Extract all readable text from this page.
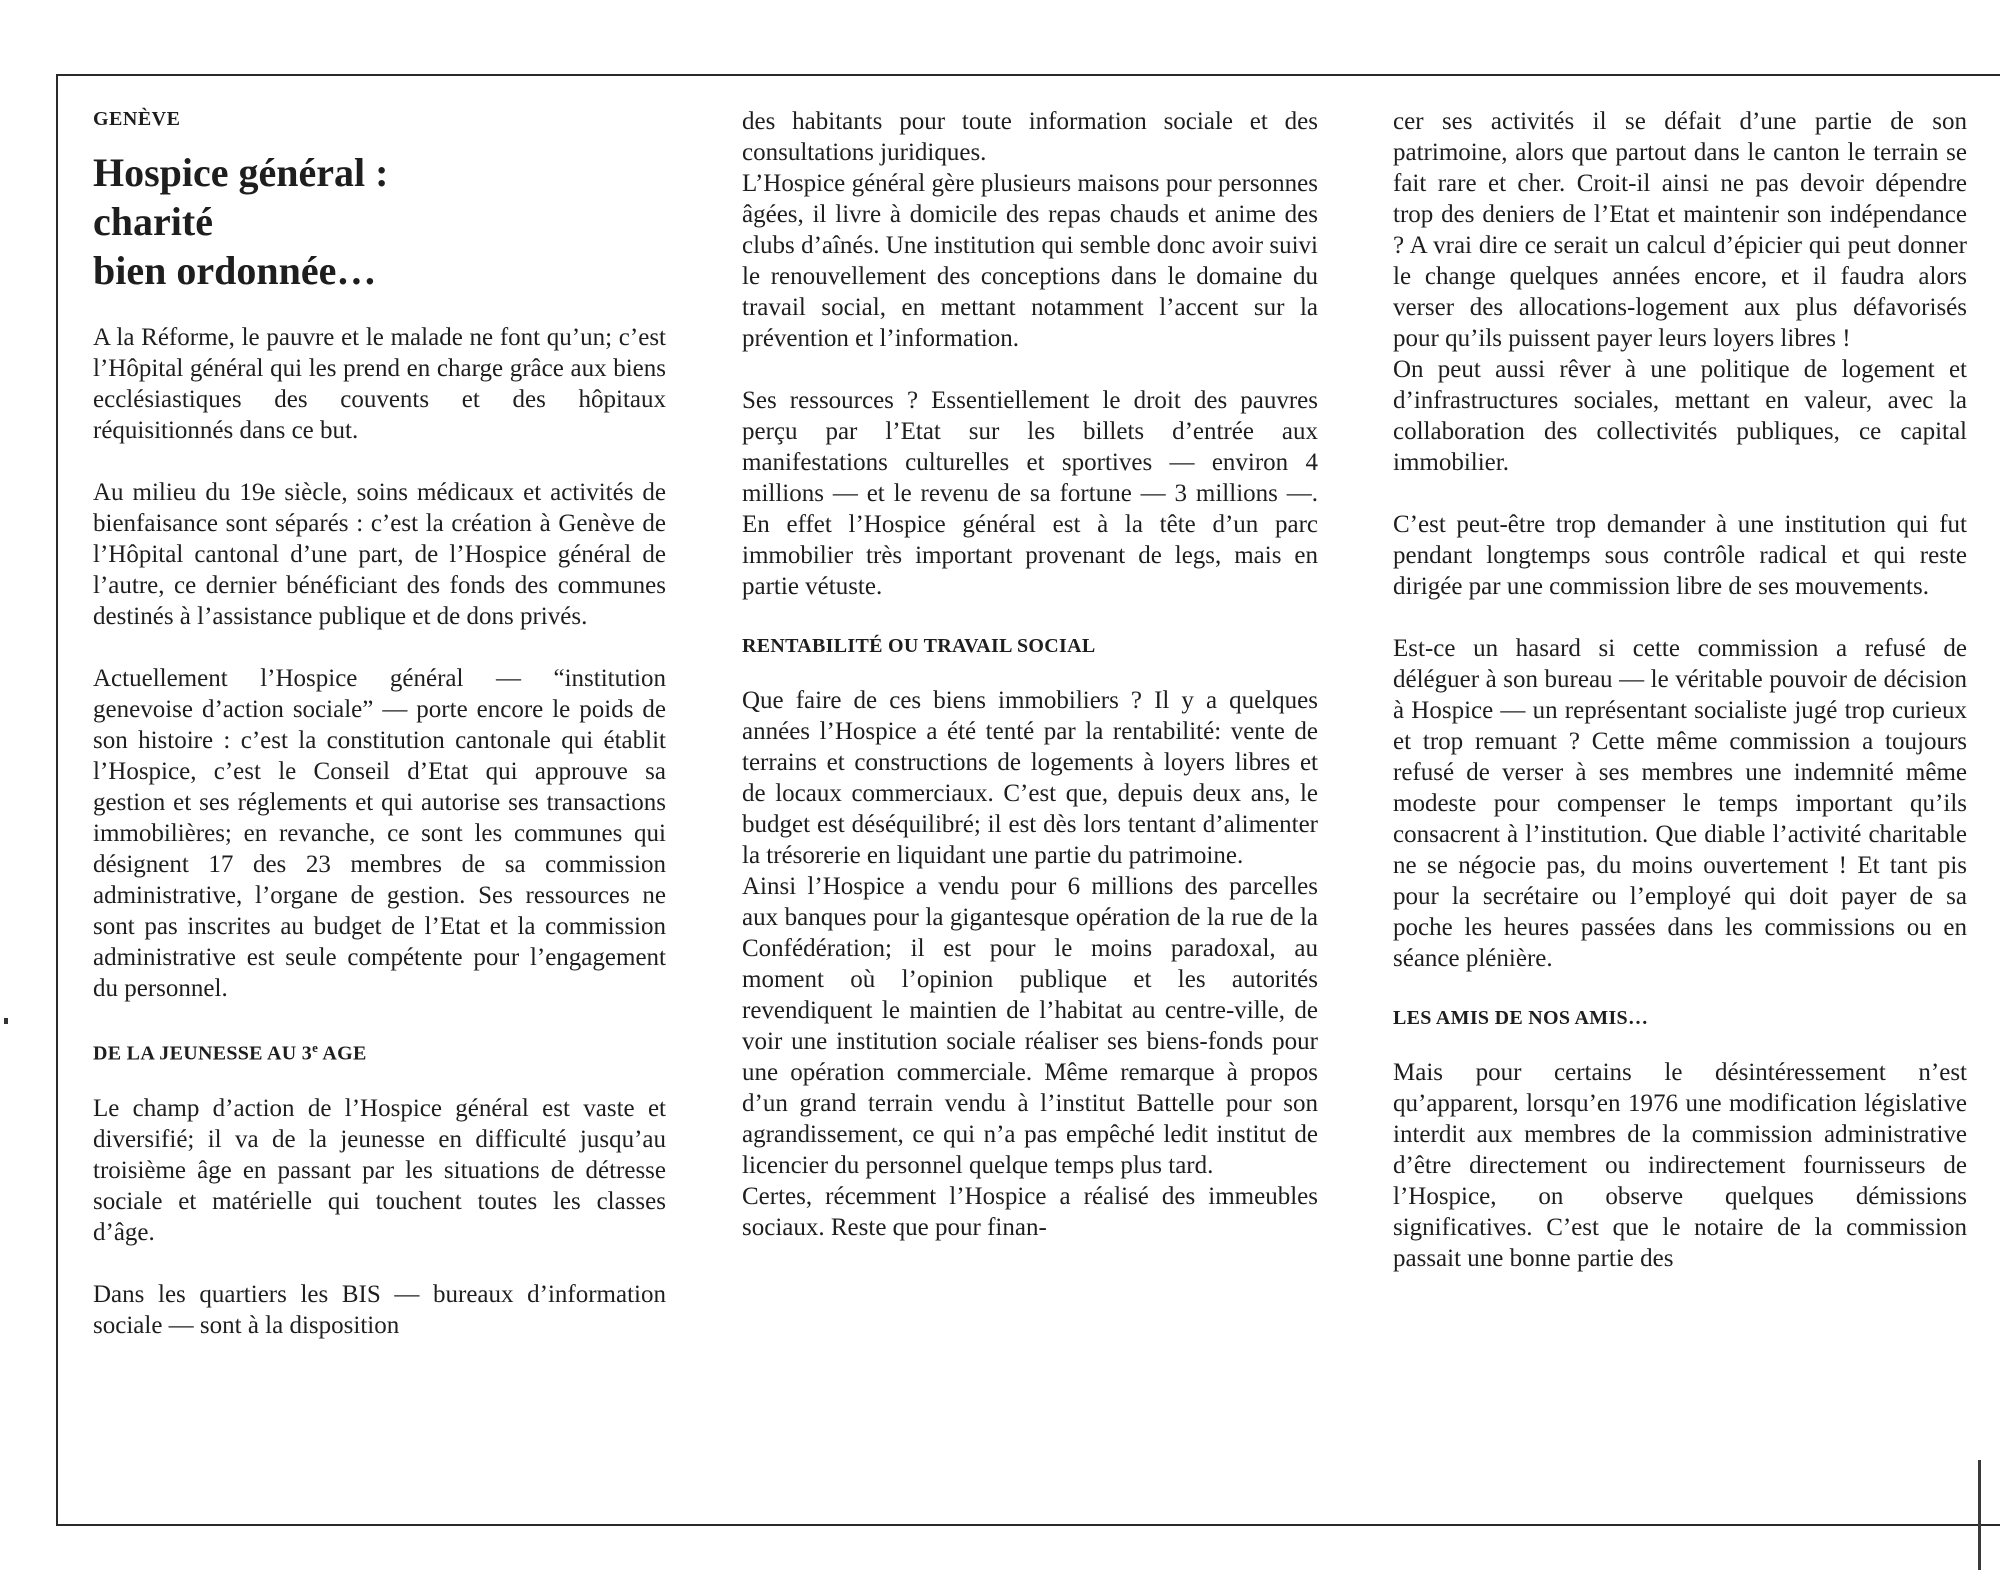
GENÈVE
Hospice général :
charité
bien ordonnée…

A la Réforme, le pauvre et le malade ne font qu’un; c’est l’Hôpital général qui les prend en charge grâce aux biens ecclésiastiques des couvents et des hôpitaux réquisitionnés dans ce but.

Au milieu du 19e siècle, soins médicaux et activités de bienfaisance sont séparés : c’est la création à Genève de l’Hôpital cantonal d’une part, de l’Hospice général de l’autre, ce dernier bénéficiant des fonds des communes destinés à l’assistance publique et de dons privés.

Actuellement l’Hospice général — “institution genevoise d’action sociale” — porte encore le poids de son histoire : c’est la constitution cantonale qui établit l’Hospice, c’est le Conseil d’Etat qui approuve sa gestion et ses réglements et qui autorise ses transactions immobilières; en revanche, ce sont les communes qui désignent 17 des 23 membres de sa commission administrative, l’organe de gestion. Ses ressources ne sont pas inscrites au budget de l’Etat et la commission administrative est seule compétente pour l’engagement du personnel.

DE LA JEUNESSE AU 3e AGE

Le champ d’action de l’Hospice général est vaste et diversifié; il va de la jeunesse en difficulté jusqu’au troisième âge en passant par les situations de détresse sociale et matérielle qui touchent toutes les classes d’âge.

Dans les quartiers les BIS — bureaux d’information sociale — sont à la disposition

des habitants pour toute information sociale et des consultations juridiques.

L’Hospice général gère plusieurs maisons pour personnes âgées, il livre à domicile des repas chauds et anime des clubs d’aînés. Une institution qui semble donc avoir suivi le renouvellement des conceptions dans le domaine du travail social, en mettant notamment l’accent sur la prévention et l’information.

Ses ressources ? Essentiellement le droit des pauvres perçu par l’Etat sur les billets d’entrée aux manifestations culturelles et sportives — environ 4 millions — et le revenu de sa fortune — 3 millions —. En effet l’Hospice général est à la tête d’un parc immobilier très important provenant de legs, mais en partie vétuste.

RENTABILITÉ OU TRAVAIL SOCIAL

Que faire de ces biens immobiliers ? Il y a quelques années l’Hospice a été tenté par la rentabilité: vente de terrains et constructions de logements à loyers libres et de locaux commerciaux. C’est que, depuis deux ans, le budget est déséquilibré; il est dès lors tentant d’alimenter la trésorerie en liquidant une partie du patrimoine.

Ainsi l’Hospice a vendu pour 6 millions des parcelles aux banques pour la gigantesque opération de la rue de la Confédération; il est pour le moins paradoxal, au moment où l’opinion publique et les autorités revendiquent le maintien de l’habitat au centre-ville, de voir une institution sociale réaliser ses biens-fonds pour une opération commerciale. Même remarque à propos d’un grand terrain vendu à l’institut Battelle pour son agrandissement, ce qui n’a pas empêché ledit institut de licencier du personnel quelque temps plus tard.

Certes, récemment l’Hospice a réalisé des immeubles sociaux. Reste que pour finan-

cer ses activités il se défait d’une partie de son patrimoine, alors que partout dans le canton le terrain se fait rare et cher. Croit-il ainsi ne pas devoir dépendre trop des deniers de l’Etat et maintenir son indépendance ? A vrai dire ce serait un calcul d’épicier qui peut donner le change quelques années encore, et il faudra alors verser des allocations-logement aux plus défavorisés pour qu’ils puissent payer leurs loyers libres !

On peut aussi rêver à une politique de logement et d’infrastructures sociales, mettant en valeur, avec la collaboration des collectivités publiques, ce capital immobilier.

C’est peut-être trop demander à une institution qui fut pendant longtemps sous contrôle radical et qui reste dirigée par une commission libre de ses mouvements.

Est-ce un hasard si cette commission a refusé de déléguer à son bureau — le véritable pouvoir de décision à Hospice — un représentant socialiste jugé trop curieux et trop remuant ? Cette même commission a toujours refusé de verser à ses membres une indemnité même modeste pour compenser le temps important qu’ils consacrent à l’institution. Que diable l’activité charitable ne se négocie pas, du moins ouvertement ! Et tant pis pour la secrétaire ou l’employé qui doit payer de sa poche les heures passées dans les commissions ou en séance plénière.

LES AMIS DE NOS AMIS…

Mais pour certains le désintéressement n’est qu’apparent, lorsqu’en 1976 une modification législative interdit aux membres de la commission administrative d’être directement ou indirectement fournisseurs de l’Hospice, on observe quelques démissions significatives. C’est que le notaire de la commission passait une bonne partie des
